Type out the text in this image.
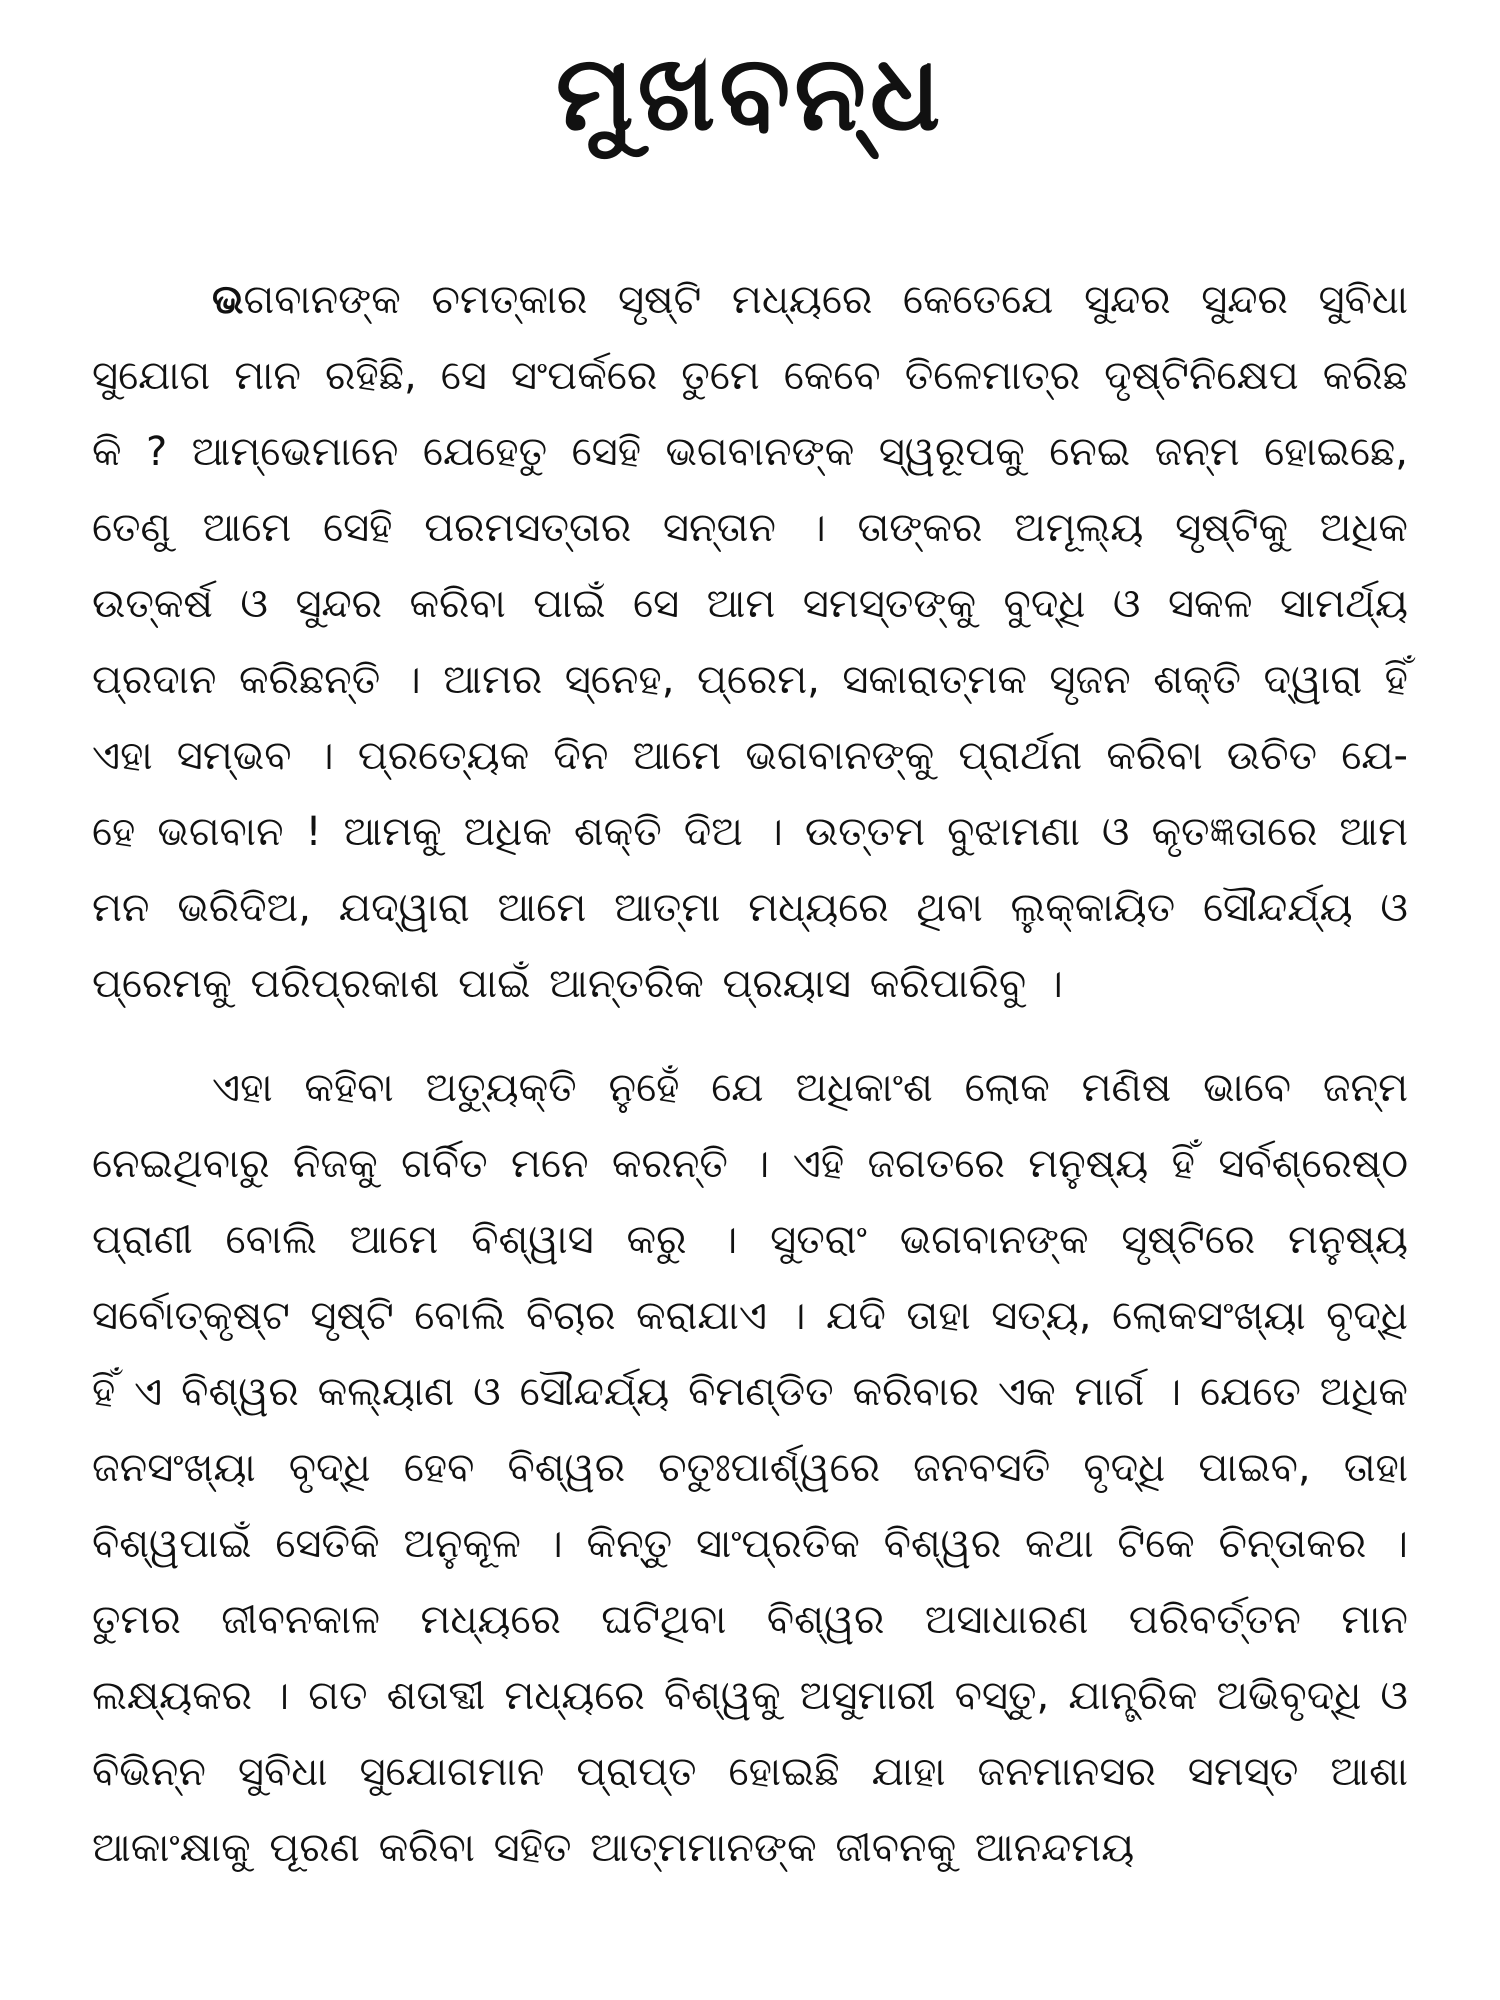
ମୁଖବନ୍ଧ

ଭଗବାନଙ୍କ ଚମତ୍କାର ସୃଷ୍ଟି ମଧ୍ୟରେ କେତେଯେ ସୁନ୍ଦର ସୁନ୍ଦର ସୁବିଧା ସୁଯୋଗ ମାନ ରହିଛି, ସେ ସଂପର୍କରେ ତୁମେ କେବେ ତିଳେମାତ୍ର ଦୃଷ୍ଟିନିକ୍ଷେପ କରିଛ କି ? ଆମ୍ଭେମାନେ ଯେହେତୁ ସେହି ଭଗବାନଙ୍କ ସ୍ୱରୂପକୁ ନେଇ ଜନ୍ମ ହୋଇଛେ, ତେଣୁ ଆମେ ସେହି ପରମସତ୍ତାର ସନ୍ତାନ । ତାଙ୍କର ଅମୂଲ୍ୟ ସୃଷ୍ଟିକୁ ଅଧିକ ଉତ୍କର୍ଷ ଓ ସୁନ୍ଦର କରିବା ପାଇଁ ସେ ଆମ ସମସ୍ତଙ୍କୁ ବୁଦ୍ଧି ଓ ସକଳ ସାମର୍ଥ୍ୟ ପ୍ରଦାନ କରିଛନ୍ତି । ଆମର ସ୍ନେହ, ପ୍ରେମ, ସକାରାତ୍ମକ ସୃଜନ ଶକ୍ତି ଦ୍ୱାରା ହିଁ ଏହା ସମ୍ଭବ । ପ୍ରତ୍ୟେକ ଦିନ ଆମେ ଭଗବାନଙ୍କୁ ପ୍ରାର୍ଥନା କରିବା ଉଚିତ ଯେ- ହେ ଭଗବାନ ! ଆମକୁ ଅଧିକ ଶକ୍ତି ଦିଅ । ଉତ୍ତମ ବୁଝାମଣା ଓ କୃତଜ୍ଞତାରେ ଆମ ମନ ଭରିଦିଅ, ଯଦ୍ୱାରା ଆମେ ଆତ୍ମା ମଧ୍ୟରେ ଥିବା ଲୁକ୍କାୟିତ ସୌନ୍ଦର୍ଯ୍ୟ ଓ ପ୍ରେମକୁ ପରିପ୍ରକାଶ ପାଇଁ ଆନ୍ତରିକ ପ୍ରୟାସ କରିପାରିବୁ ।

ଏହା କହିବା ଅତ୍ୟୁକ୍ତି ନୁହେଁ ଯେ ଅଧିକାଂଶ ଲୋକ ମଣିଷ ଭାବେ ଜନ୍ମ ନେଇଥିବାରୁ ନିଜକୁ ଗର୍ବିତ ମନେ କରନ୍ତି । ଏହି ଜଗତରେ ମନୁଷ୍ୟ ହିଁ ସର୍ବଶ୍ରେଷ୍ଠ ପ୍ରାଣୀ ବୋଲି ଆମେ ବିଶ୍ୱାସ କରୁ । ସୁତରାଂ ଭଗବାନଙ୍କ ସୃଷ୍ଟିରେ ମନୁଷ୍ୟ ସର୍ବୋତ୍କୃଷ୍ଟ ସୃଷ୍ଟି ବୋଲି ବିଚାର କରାଯାଏ । ଯଦି ତାହା ସତ୍ୟ, ଲୋକସଂଖ୍ୟା ବୃଦ୍ଧି ହିଁ ଏ ବିଶ୍ୱର କଲ୍ୟାଣ ଓ ସୌନ୍ଦର୍ଯ୍ୟ ବିମଣ୍ଡିତ କରିବାର ଏକ ମାର୍ଗ । ଯେତେ ଅଧିକ ଜନସଂଖ୍ୟା ବୃଦ୍ଧି ହେବ ବିଶ୍ୱର ଚତୁଃପାର୍ଶ୍ୱରେ ଜନବସତି ବୃଦ୍ଧି ପାଇବ, ତାହା ବିଶ୍ୱପାଇଁ ସେତିକି ଅନୁକୂଳ । କିନ୍ତୁ ସାଂପ୍ରତିକ ବିଶ୍ୱର କଥା ଟିକେ ଚିନ୍ତାକର । ତୁମର ଜୀବନକାଳ ମଧ୍ୟରେ ଘଟିଥିବା ବିଶ୍ୱର ଅସାଧାରଣ ପରିବର୍ତ୍ତନ ମାନ ଲକ୍ଷ୍ୟକର । ଗତ ଶତାବ୍ଦୀ ମଧ୍ୟରେ ବିଶ୍ୱକୁ ଅସୁମାରୀ ବସ୍ତୁ, ଯାନ୍ତ୍ରିକ ଅଭିବୃଦ୍ଧି ଓ ବିଭିନ୍ନ ସୁବିଧା ସୁଯୋଗମାନ ପ୍ରାପ୍ତ ହୋଇଛି ଯାହା ଜନମାନସର ସମସ୍ତ ଆଶା ଆକାଂକ୍ଷାକୁ ପୂରଣ କରିବା ସହିତ ଆତ୍ମମାନଙ୍କ ଜୀବନକୁ ଆନନ୍ଦମୟ
